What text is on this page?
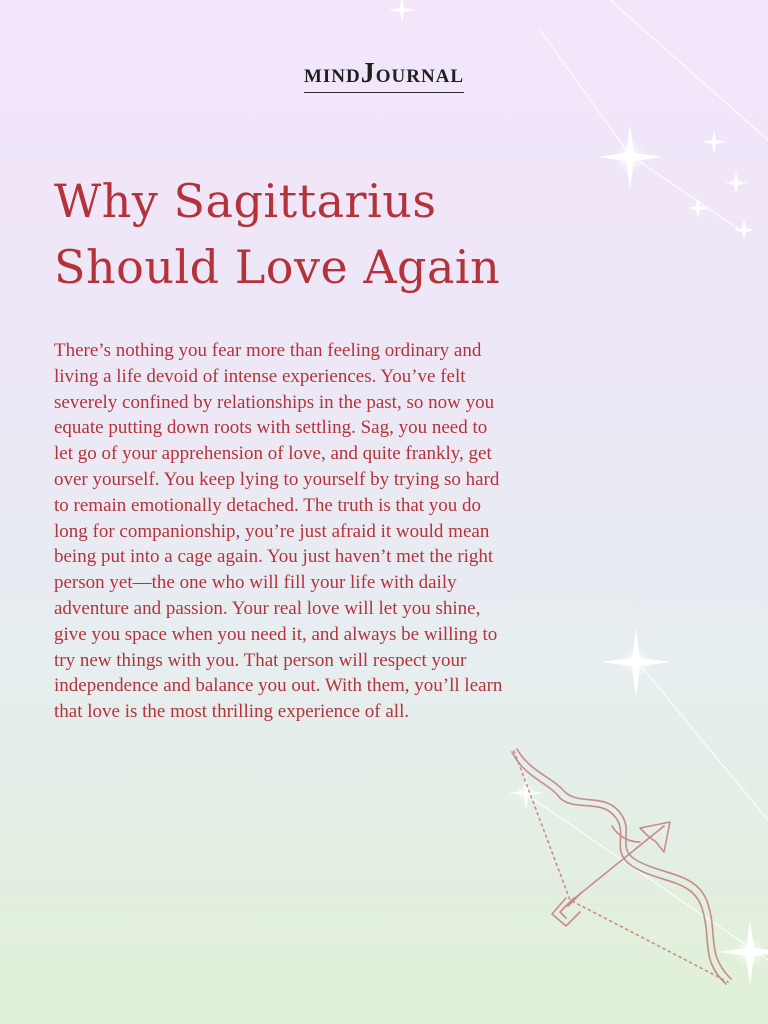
MINDJOURNAL
Why Sagittarius
Should Love Again

There’s nothing you fear more than feeling ordinary and living a life devoid of intense experiences. You’ve felt severely confined by relationships in the past, so now you equate putting down roots with settling. Sag, you need to let go of your apprehension of love, and quite frankly, get over yourself. You keep lying to yourself by trying so hard to remain emotionally detached. The truth is that you do long for companionship, you’re just afraid it would mean being put into a cage again. You just haven’t met the right person yet—the one who will fill your life with daily adventure and passion. Your real love will let you shine, give you space when you need it, and always be willing to try new things with you. That person will respect your independence and balance you out. With them, you’ll learn that love is the most thrilling experience of all.
